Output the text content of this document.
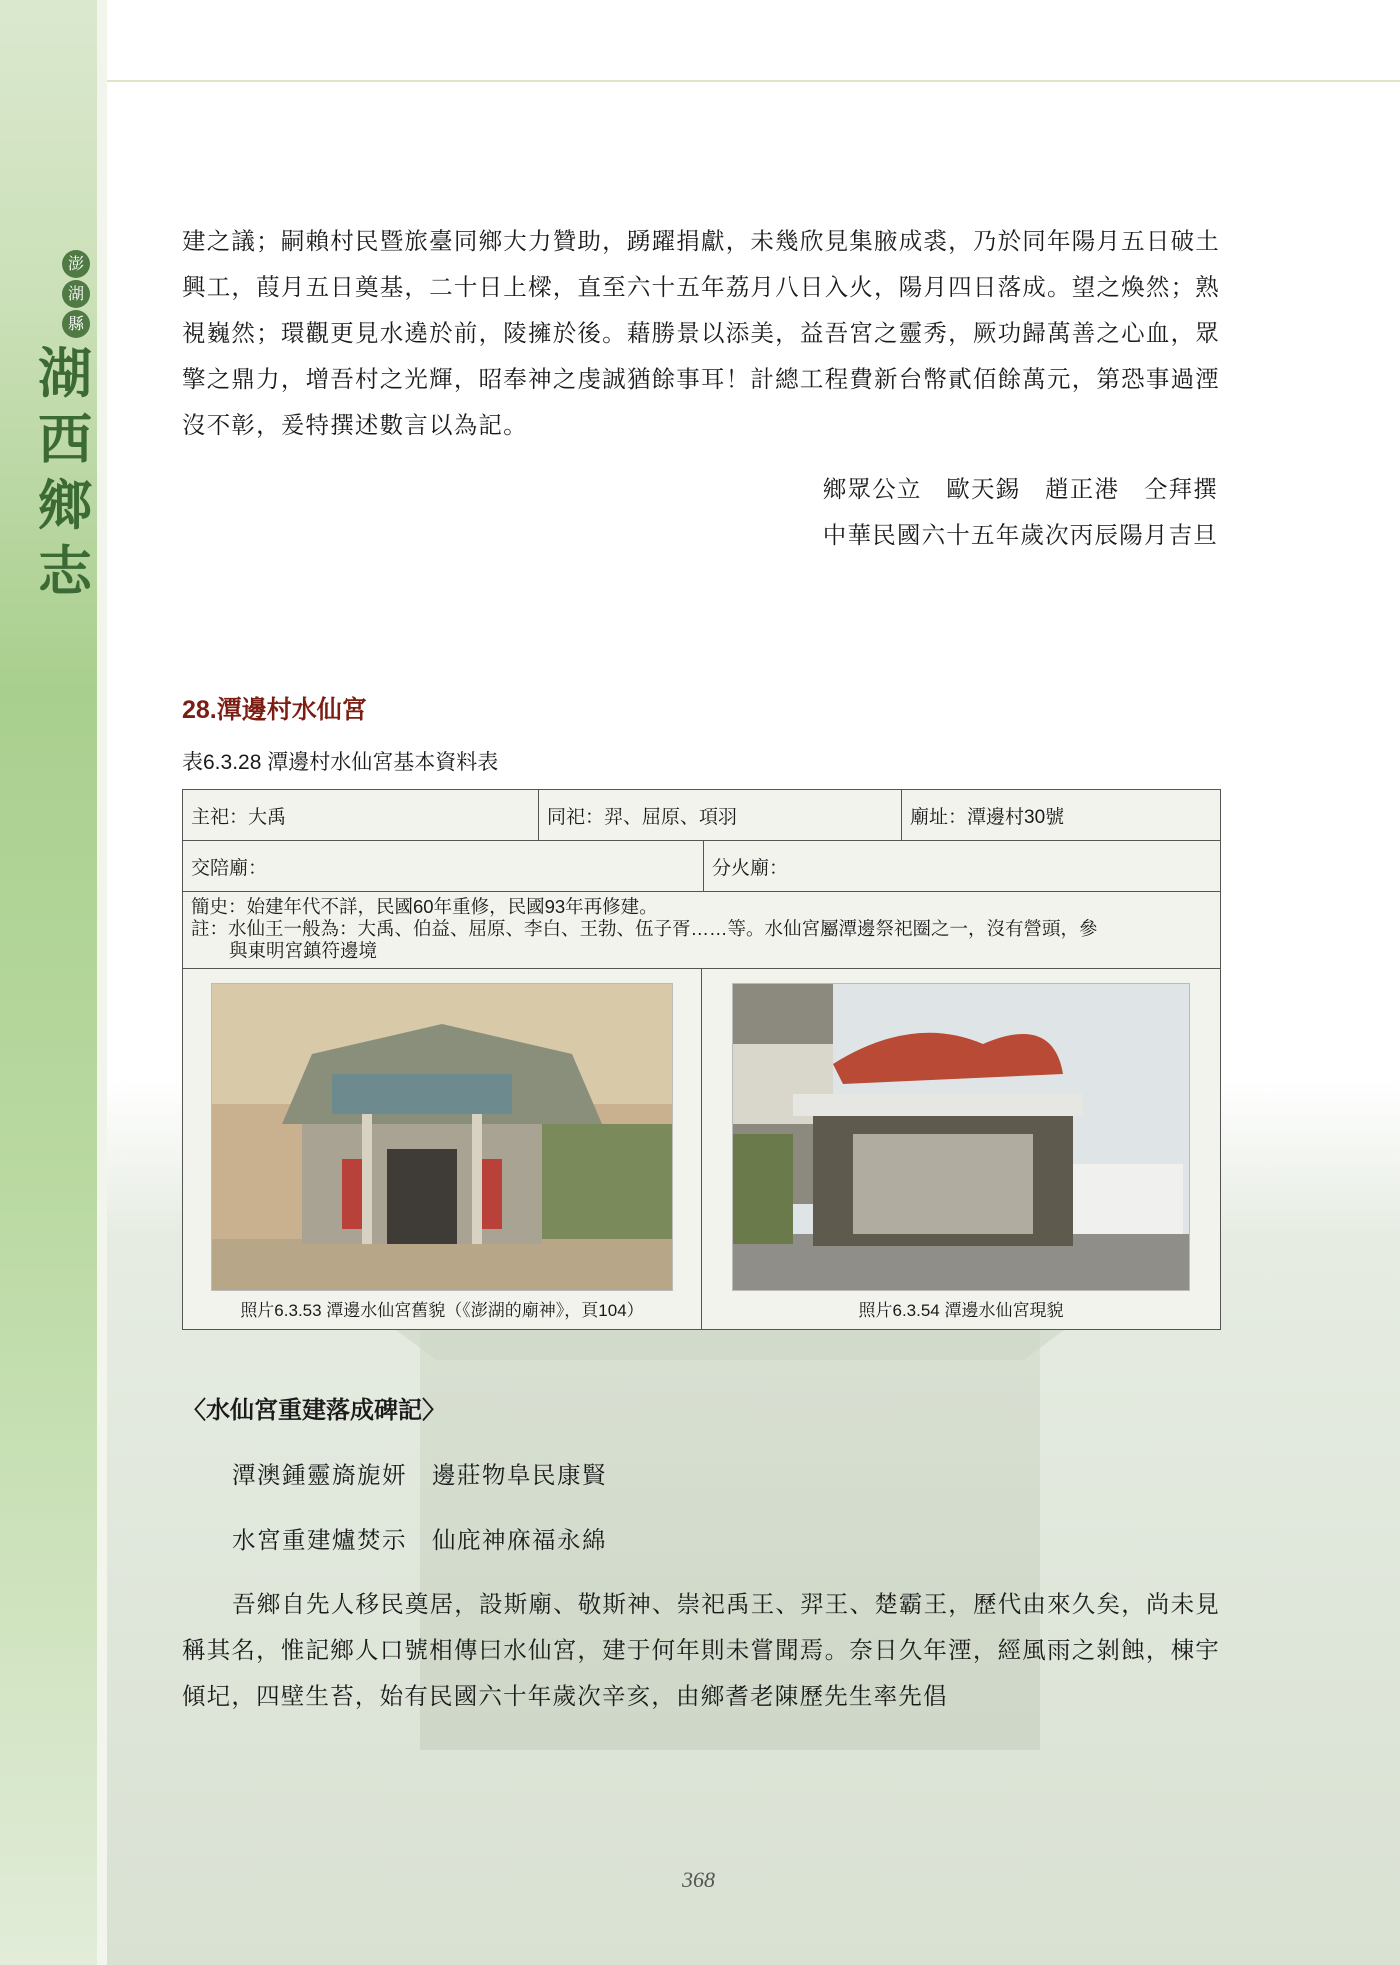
澎
湖
縣
湖
西
鄉
志
建之議；嗣賴村民暨旅臺同鄉大力贊助，踴躍捐獻，未幾欣見集腋成裘，乃於同年陽月五日破土興工，葭月五日奠基，二十日上樑，直至六十五年荔月八日入火，陽月四日落成。望之煥然；熟視巍然；環觀更見水遶於前，陵擁於後。藉勝景以添美，益吾宮之靈秀，厥功歸萬善之心血，眾擎之鼎力，增吾村之光輝，昭奉神之虔誠猶餘事耳！計總工程費新台幣貳佰餘萬元，第恐事過湮沒不彰，爰特撰述數言以為記。
鄉眾公立　歐天錫　趙正港　仝拜撰
中華民國六十五年歲次丙辰陽月吉旦
28.潭邊村水仙宮
表6.3.28 潭邊村水仙宮基本資料表
主祀：大禹	同祀：羿、屈原、項羽	廟址：潭邊村30號
交陪廟：	分火廟：
簡史：始建年代不詳，民國60年重修，民國93年再修建。
註：水仙王一般為：大禹、伯益、屈原、李白、王勃、伍子胥……等。水仙宮屬潭邊祭祀圈之一，沒有營頭，參
與東明宮鎮符邊境
照片6.3.53 潭邊水仙宮舊貌（《澎湖的廟神》，頁104）	照片6.3.54 潭邊水仙宮現貌
〈水仙宮重建落成碑記〉
潭澳鍾靈旖旎妍　邊莊物阜民康賢
水宮重建爐焚示　仙庇神庥福永綿
吾鄉自先人移民奠居，設斯廟、敬斯神、崇祀禹王、羿王、楚霸王，歷代由來久矣，尚未見稱其名，惟記鄉人口號相傳曰水仙宮，建于何年則未嘗聞焉。奈日久年湮，經風雨之剝蝕，棟宇傾圮，四壁生苔，始有民國六十年歲次辛亥，由鄉耆老陳歷先生率先倡
368
